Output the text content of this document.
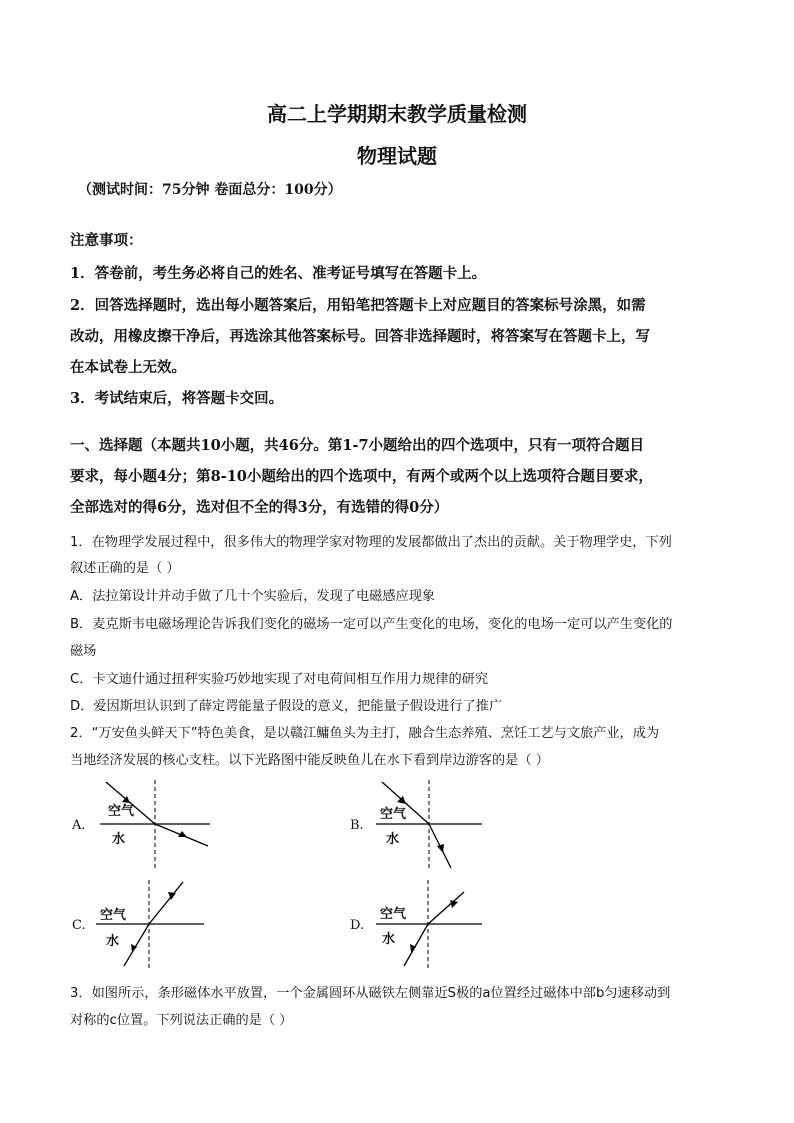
高二上学期期末教学质量检测
物理试题
（测试时间：75分钟 卷面总分：100分）
注意事项：
1．答卷前，考生务必将自己的姓名、准考证号填写在答题卡上。
2．回答选择题时，选出每小题答案后，用铅笔把答题卡上对应题目的答案标号涂黑，如需
改动，用橡皮擦干净后，再选涂其他答案标号。回答非选择题时，将答案写在答题卡上，写
在本试卷上无效。
3．考试结束后，将答题卡交回。
一、选择题（本题共10小题，共46分。第1-7小题给出的四个选项中，只有一项符合题目
要求，每小题4分；第8-10小题给出的四个选项中，有两个或两个以上选项符合题目要求，
全部选对的得6分，选对但不全的得3分，有选错的得0分）
1．在物理学发展过程中，很多伟大的物理学家对物理的发展都做出了杰出的贡献。关于物理学史，下列
叙述正确的是（ ）
A．法拉第设计并动手做了几十个实验后，发现了电磁感应现象
B．麦克斯韦电磁场理论告诉我们变化的磁场一定可以产生变化的电场，变化的电场一定可以产生变化的
磁场
C．卡文迪什通过扭秤实验巧妙地实现了对电荷间相互作用力规律的研究
D．爱因斯坦认识到了薛定谔能量子假设的意义，把能量子假设进行了推广
2．“万安鱼头鲜天下”特色美食，是以赣江鳙鱼头为主打，融合生态养殖、烹饪工艺与文旅产业，成为
当地经济发展的核心支柱。以下光路图中能反映鱼儿在水下看到岸边游客的是（ ）
A.
空气
水
B.
空气
水
C.
空气
水
D.
空气
水
3．如图所示，条形磁体水平放置，一个金属圆环从磁铁左侧靠近S极的a位置经过磁体中部b匀速移动到
对称的c位置。下列说法正确的是（ ）
